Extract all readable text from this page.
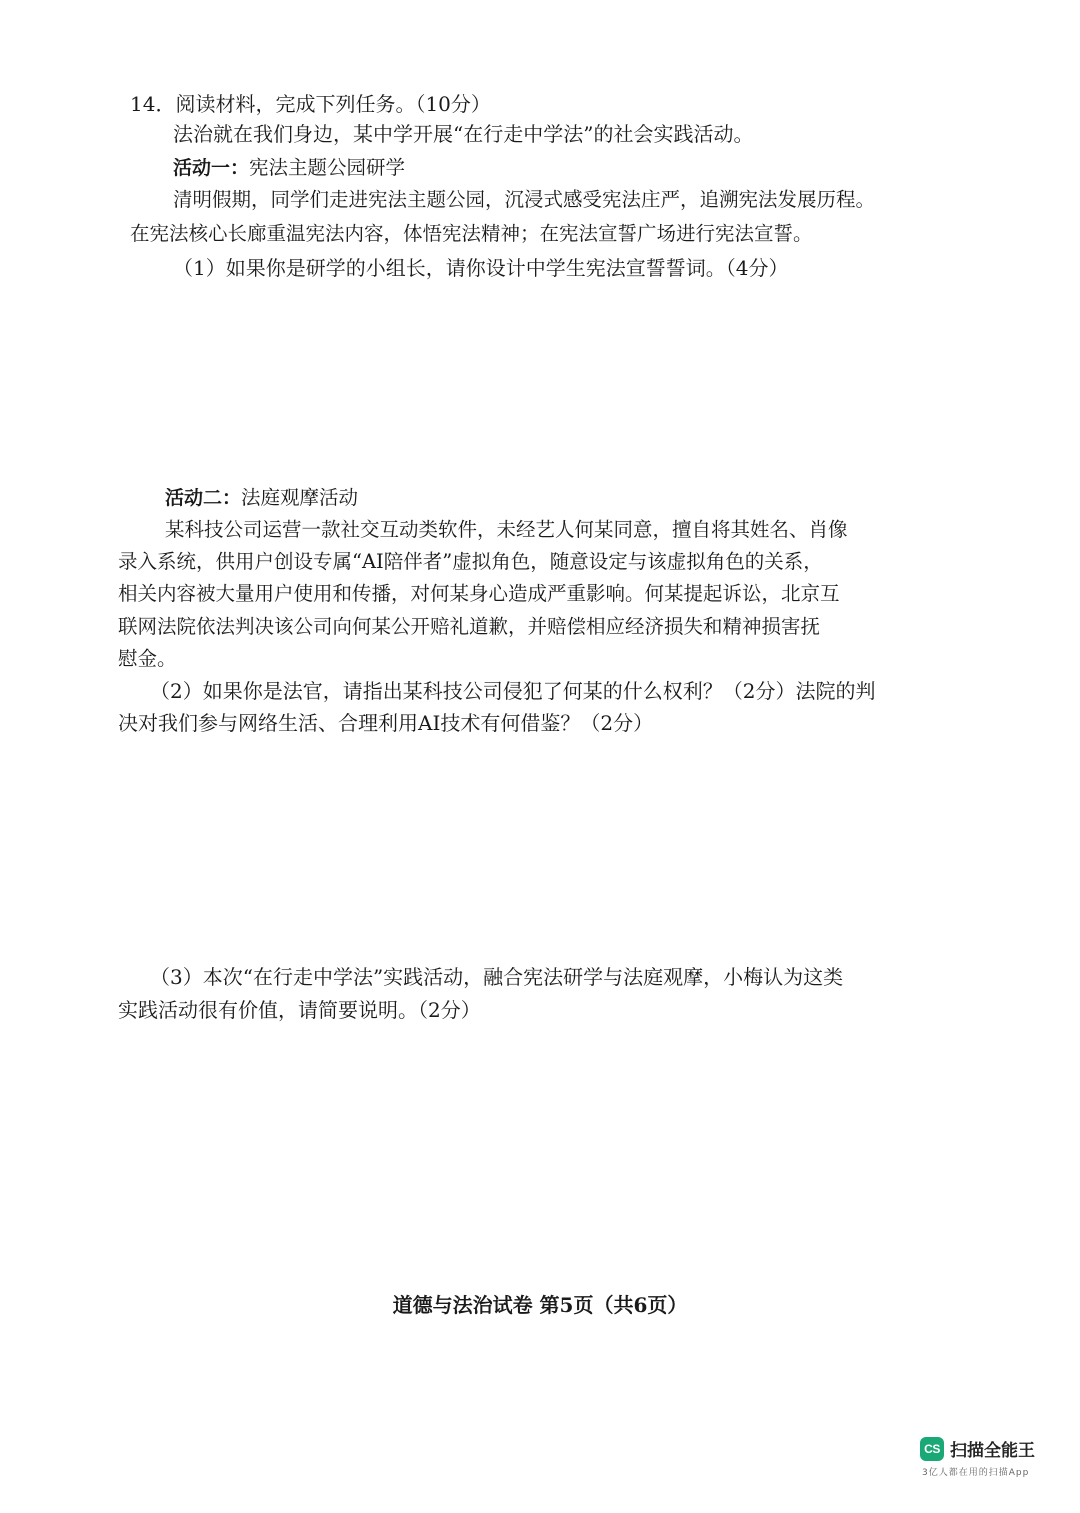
14．阅读材料，完成下列任务。（10分）
法治就在我们身边，某中学开展“在行走中学法”的社会实践活动。
活动一：宪法主题公园研学
清明假期，同学们走进宪法主题公园，沉浸式感受宪法庄严，追溯宪法发展历程。
在宪法核心长廊重温宪法内容，体悟宪法精神；在宪法宣誓广场进行宪法宣誓。
（1）如果你是研学的小组长，请你设计中学生宪法宣誓誓词。（4分）
活动二：法庭观摩活动
某科技公司运营一款社交互动类软件，未经艺人何某同意，擅自将其姓名、肖像
录入系统，供用户创设专属“AI陪伴者”虚拟角色，随意设定与该虚拟角色的关系，
相关内容被大量用户使用和传播，对何某身心造成严重影响。何某提起诉讼，北京互
联网法院依法判决该公司向何某公开赔礼道歉，并赔偿相应经济损失和精神损害抚
慰金。
（2）如果你是法官，请指出某科技公司侵犯了何某的什么权利？（2分）法院的判
决对我们参与网络生活、合理利用AI技术有何借鉴？（2分）
（3）本次“在行走中学法”实践活动，融合宪法研学与法庭观摩，小梅认为这类
实践活动很有价值，请简要说明。（2分）
道德与法治试卷 第5页（共6页）
CS 扫描全能王
3亿人都在用的扫描App
